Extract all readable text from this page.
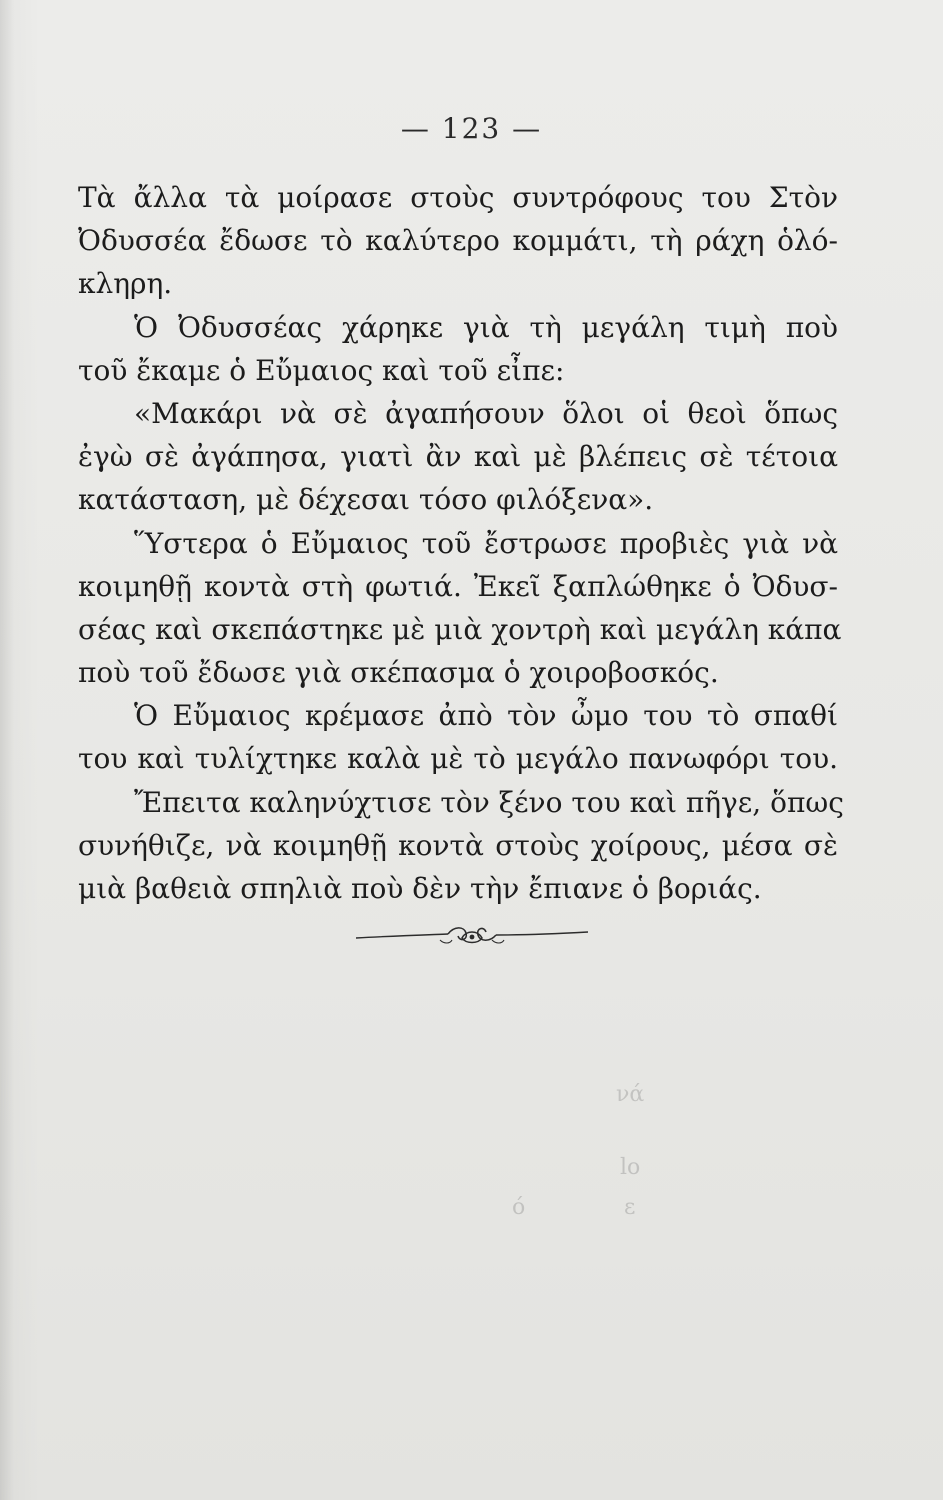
— 123 —
Τὰ ἄλλα τὰ μοίρασε στοὺς συντρόφους του Στὸν
Ὀδυσσέα ἔδωσε τὸ καλύτερο κομμάτι, τὴ ράχη ὁλό-
κληρη.
Ὁ Ὀδυσσέας χάρηκε γιὰ τὴ μεγάλη τιμὴ ποὺ
τοῦ ἔκαμε ὁ Εὔμαιος καὶ τοῦ εἶπε:
«Μακάρι νὰ σὲ ἀγαπήσουν ὅλοι οἱ θεοὶ ὅπως
ἐγὼ σὲ ἀγάπησα, γιατὶ ἂν καὶ μὲ βλέπεις σὲ τέτοια
κατάσταση, μὲ δέχεσαι τόσο φιλόξενα».
Ὕστερα ὁ Εὔμαιος τοῦ ἔστρωσε προβιὲς γιὰ νὰ
κοιμηθῇ κοντὰ στὴ φωτιά. Ἐκεῖ ξαπλώθηκε ὁ Ὀδυσ-
σέας καὶ σκεπάστηκε μὲ μιὰ χοντρὴ καὶ μεγάλη κάπα
ποὺ τοῦ ἔδωσε γιὰ σκέπασμα ὁ χοιροβοσκός.
Ὁ Εὔμαιος κρέμασε ἀπὸ τὸν ὦμο του τὸ σπαθί
του καὶ τυλίχτηκε καλὰ μὲ τὸ μεγάλο πανωφόρι του.
Ἔπειτα καληνύχτισε τὸν ξένο του καὶ πῆγε, ὅπως
συνήθιζε, νὰ κοιμηθῇ κοντὰ στοὺς χοίρους, μέσα σὲ
μιὰ βαθειὰ σπηλιὰ ποὺ δὲν τὴν ἔπιανε ὁ βοριάς.
νά
lo
ε
ό
